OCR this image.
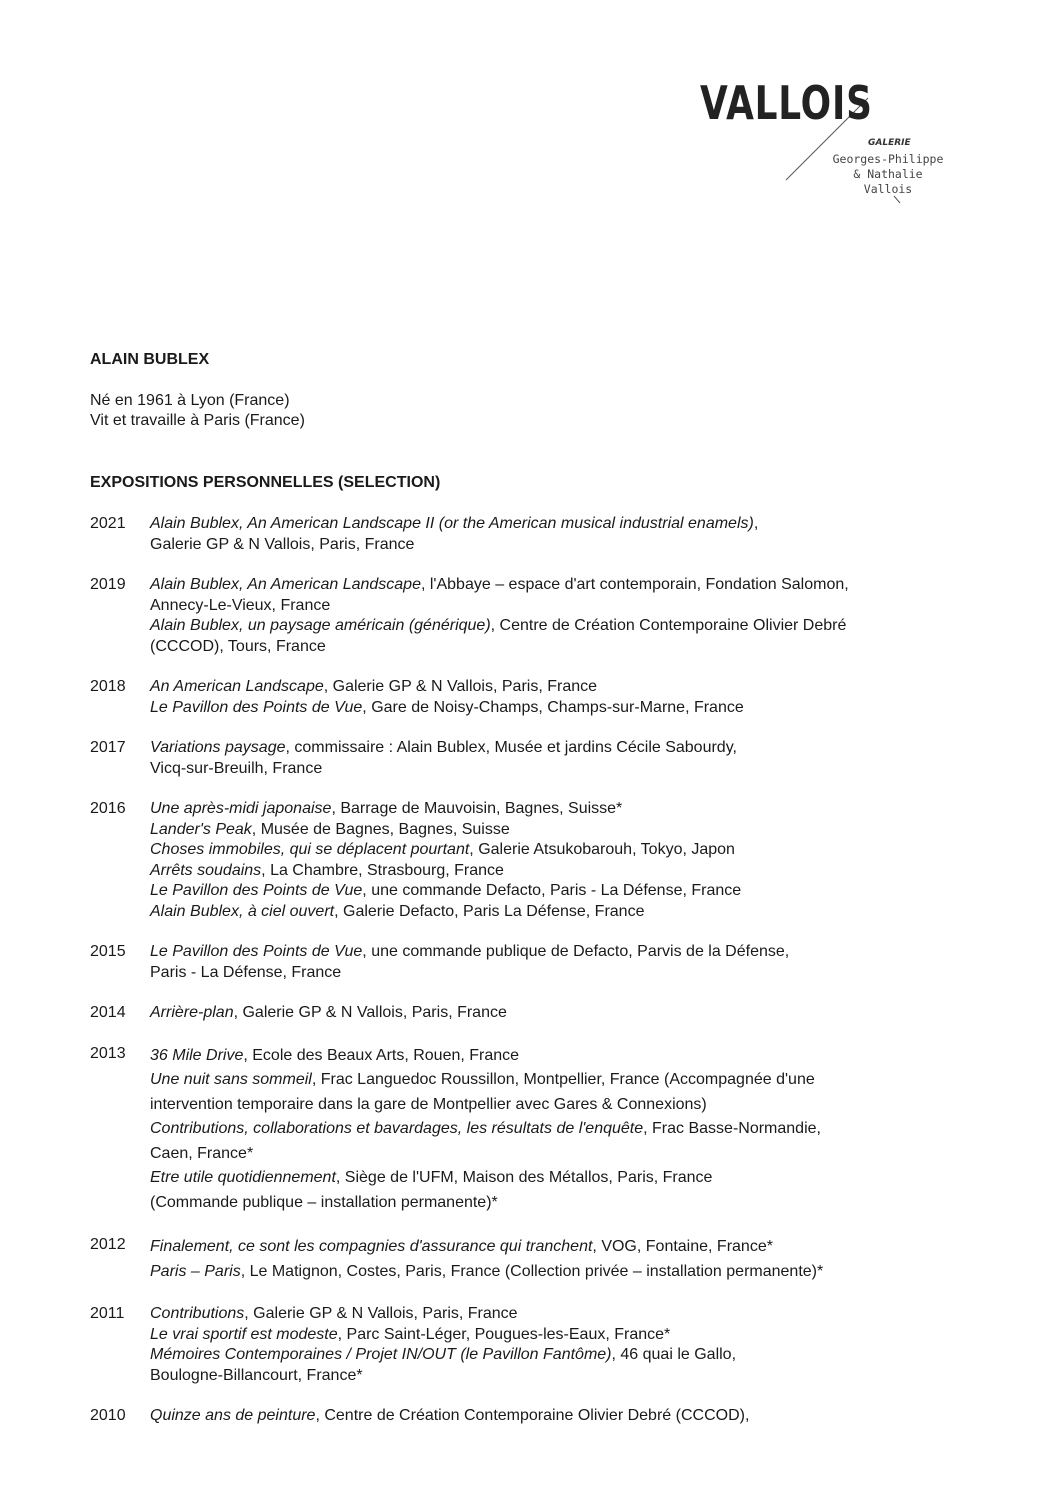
VALLOIS
GALERIE
Georges-Philippe
& Nathalie
Vallois
ALAIN BUBLEX
Né en 1961 à Lyon (France)
Vit et travaille à Paris (France)
EXPOSITIONS PERSONNELLES (SELECTION)
2021	Alain Bublex, An American Landscape II (or the American musical industrial enamels),
Galerie GP & N Vallois, Paris, France
2019	Alain Bublex, An American Landscape, l'Abbaye – espace d'art contemporain, Fondation Salomon,
Annecy-Le-Vieux, France
Alain Bublex, un paysage américain (générique), Centre de Création Contemporaine Olivier Debré
(CCCOD), Tours, France
2018	An American Landscape, Galerie GP & N Vallois, Paris, France
Le Pavillon des Points de Vue, Gare de Noisy-Champs, Champs-sur-Marne, France
2017	Variations paysage, commissaire : Alain Bublex, Musée et jardins Cécile Sabourdy,
Vicq-sur-Breuilh, France
2016	Une après-midi japonaise, Barrage de Mauvoisin, Bagnes, Suisse*
Lander's Peak, Musée de Bagnes, Bagnes, Suisse
Choses immobiles, qui se déplacent pourtant, Galerie Atsukobarouh, Tokyo, Japon
Arrêts soudains, La Chambre, Strasbourg, France
Le Pavillon des Points de Vue, une commande Defacto, Paris - La Défense, France
Alain Bublex, à ciel ouvert, Galerie Defacto, Paris La Défense, France
2015	Le Pavillon des Points de Vue, une commande publique de Defacto, Parvis de la Défense,
Paris - La Défense, France
2014	Arrière-plan, Galerie GP & N Vallois, Paris, France
2013	36 Mile Drive, Ecole des Beaux Arts, Rouen, France
Une nuit sans sommeil, Frac Languedoc Roussillon, Montpellier, France (Accompagnée d'une
intervention temporaire dans la gare de Montpellier avec Gares & Connexions)
Contributions, collaborations et bavardages, les résultats de l'enquête, Frac Basse-Normandie,
Caen, France*
Etre utile quotidiennement, Siège de l'UFM, Maison des Métallos, Paris, France
(Commande publique – installation permanente)*
2012	Finalement, ce sont les compagnies d'assurance qui tranchent, VOG, Fontaine, France*
Paris – Paris, Le Matignon, Costes, Paris, France (Collection privée – installation permanente)*
2011	Contributions, Galerie GP & N Vallois, Paris, France
Le vrai sportif est modeste, Parc Saint-Léger, Pougues-les-Eaux, France*
Mémoires Contemporaines / Projet IN/OUT (le Pavillon Fantôme), 46 quai le Gallo,
Boulogne-Billancourt, France*
2010	Quinze ans de peinture, Centre de Création Contemporaine Olivier Debré (CCCOD),
